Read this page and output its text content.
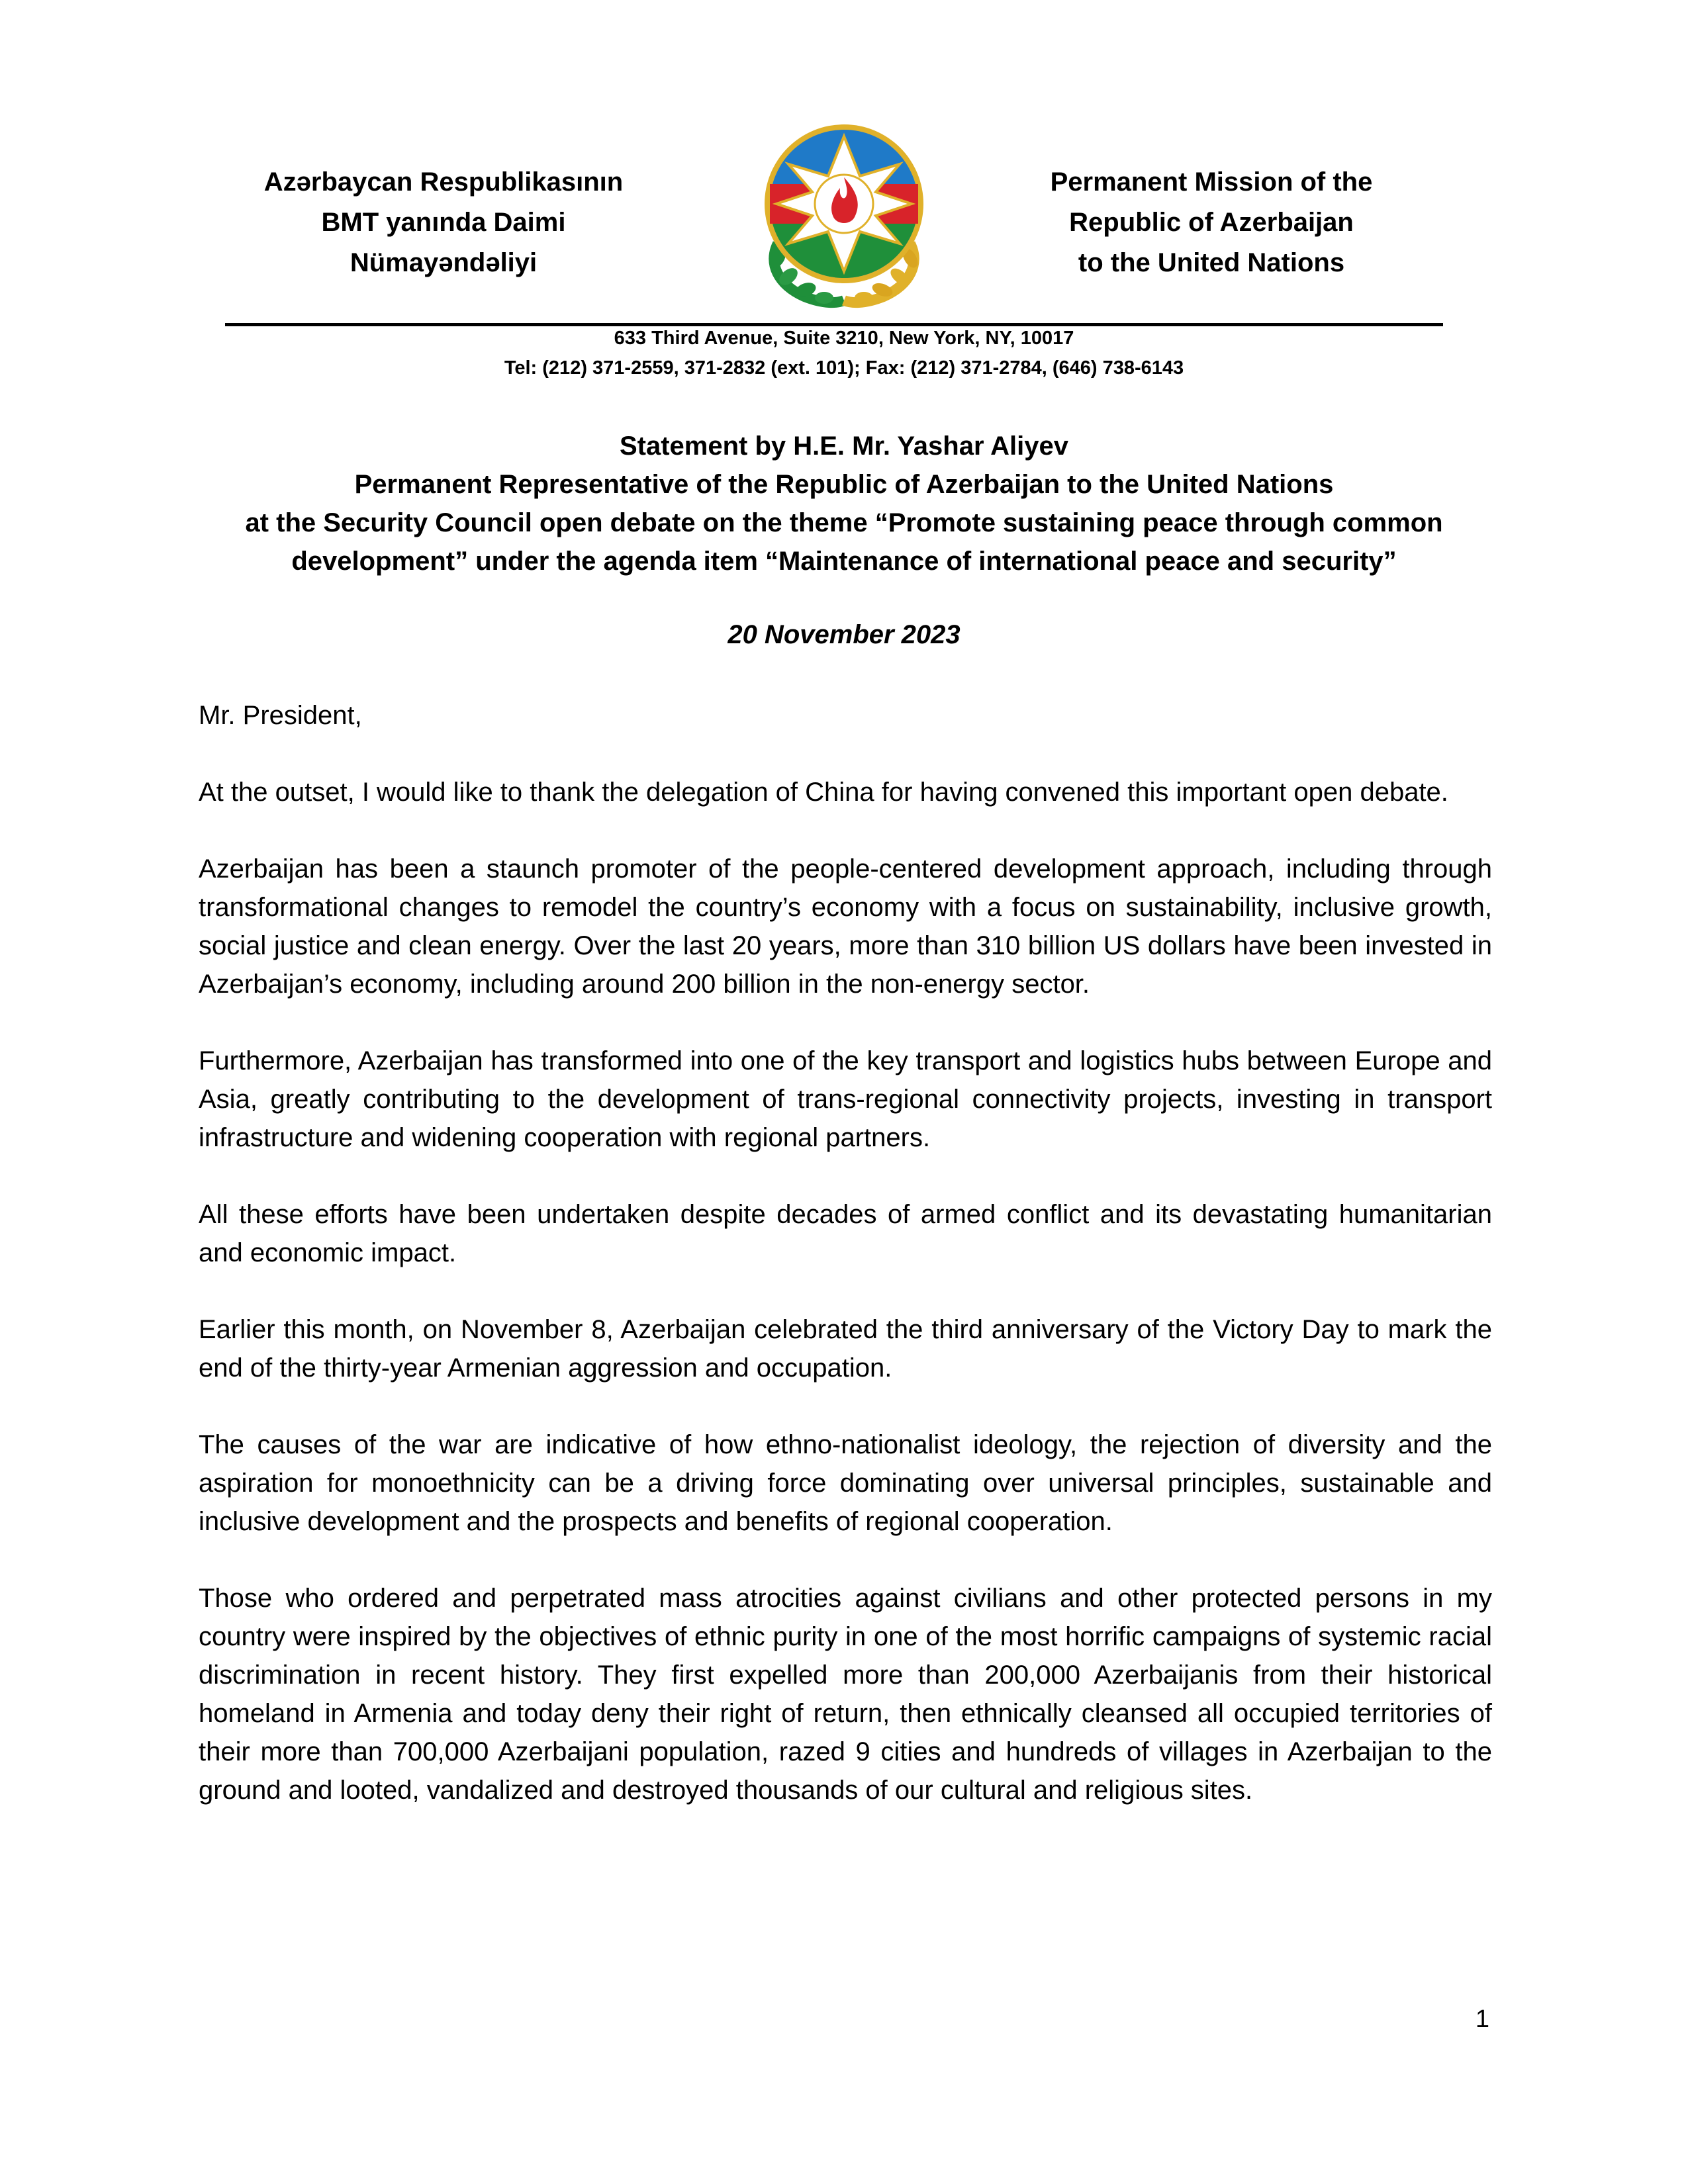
Azərbaycan Respublikasının
BMT yanında Daimi
Nümayəndəliyi
Permanent Mission of the
Republic of Azerbaijan
to the United Nations
633 Third Avenue, Suite 3210, New York, NY, 10017
Tel: (212) 371-2559, 371-2832 (ext. 101); Fax: (212) 371-2784, (646) 738-6143
Statement by H.E. Mr. Yashar Aliyev
Permanent Representative of the Republic of Azerbaijan to the United Nations
at the Security Council open debate on the theme “Promote sustaining peace through common
development” under the agenda item “Maintenance of international peace and security”
20 November 2023

Mr. President,

At the outset, I would like to thank the delegation of China for having convened this important open debate.

Azerbaijan has been a staunch promoter of the people-centered development approach, including through transformational changes to remodel the country’s economy with a focus on sustainability, inclusive growth, social justice and clean energy. Over the last 20 years, more than 310 billion US dollars have been invested in Azerbaijan’s economy, including around 200 billion in the non-energy sector.

Furthermore, Azerbaijan has transformed into one of the key transport and logistics hubs between Europe and Asia, greatly contributing to the development of trans-regional connectivity projects, investing in transport infrastructure and widening cooperation with regional partners.

All these efforts have been undertaken despite decades of armed conflict and its devastating humanitarian and economic impact.

Earlier this month, on November 8, Azerbaijan celebrated the third anniversary of the Victory Day to mark the end of the thirty-year Armenian aggression and occupation.

The causes of the war are indicative of how ethno-nationalist ideology, the rejection of diversity and the aspiration for monoethnicity can be a driving force dominating over universal principles, sustainable and inclusive development and the prospects and benefits of regional cooperation.

Those who ordered and perpetrated mass atrocities against civilians and other protected persons in my country were inspired by the objectives of ethnic purity in one of the most horrific campaigns of systemic racial discrimination in recent history. They first expelled more than 200,000 Azerbaijanis from their historical homeland in Armenia and today deny their right of return, then ethnically cleansed all occupied territories of their more than 700,000 Azerbaijani population, razed 9 cities and hundreds of villages in Azerbaijan to the ground and looted, vandalized and destroyed thousands of our cultural and religious sites.

1
